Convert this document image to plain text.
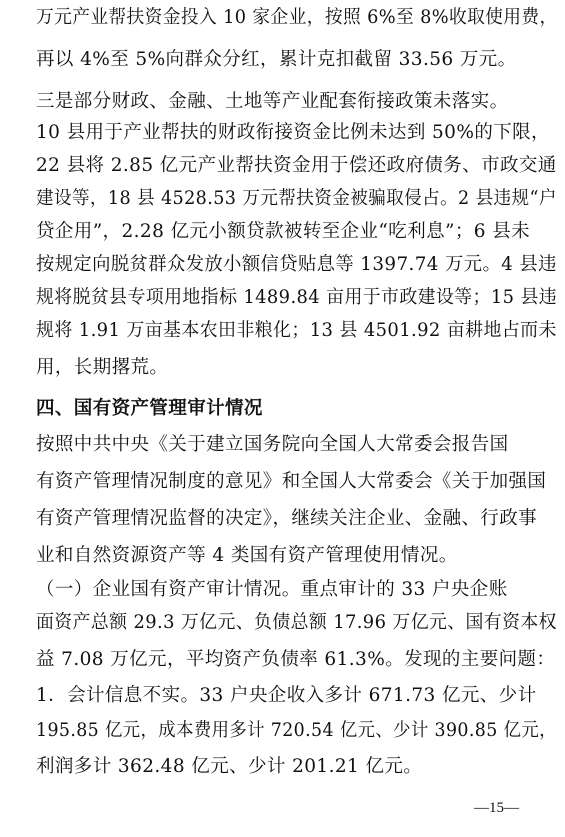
万元产业帮扶资金投入 10 家企业，按照 6%至 8%收取使用费，
再以 4%至 5%向群众分红，累计克扣截留 33.56 万元。
三是部分财政、金融、土地等产业配套衔接政策未落实。
10 县用于产业帮扶的财政衔接资金比例未达到 50%的下限，
22 县将 2.85 亿元产业帮扶资金用于偿还政府债务、市政交通
建设等，18 县 4528.53 万元帮扶资金被骗取侵占。2 县违规“户
贷企用”，2.28 亿元小额贷款被转至企业“吃利息”；6 县未
按规定向脱贫群众发放小额信贷贴息等 1397.74 万元。4 县违
规将脱贫县专项用地指标 1489.84 亩用于市政建设等；15 县违
规将 1.91 万亩基本农田非粮化；13 县 4501.92 亩耕地占而未
用，长期撂荒。
四、国有资产管理审计情况
按照中共中央《关于建立国务院向全国人大常委会报告国
有资产管理情况制度的意见》和全国人大常委会《关于加强国
有资产管理情况监督的决定》，继续关注企业、金融、行政事
业和自然资源资产等 4 类国有资产管理使用情况。
（一）企业国有资产审计情况。重点审计的 33 户央企账
面资产总额 29.3 万亿元、负债总额 17.96 万亿元、国有资本权
益 7.08 万亿元，平均资产负债率 61.3%。发现的主要问题：
1．会计信息不实。33 户央企收入多计 671.73 亿元、少计
195.85 亿元，成本费用多计 720.54 亿元、少计 390.85 亿元，
利润多计 362.48 亿元、少计 201.21 亿元。
—15—
